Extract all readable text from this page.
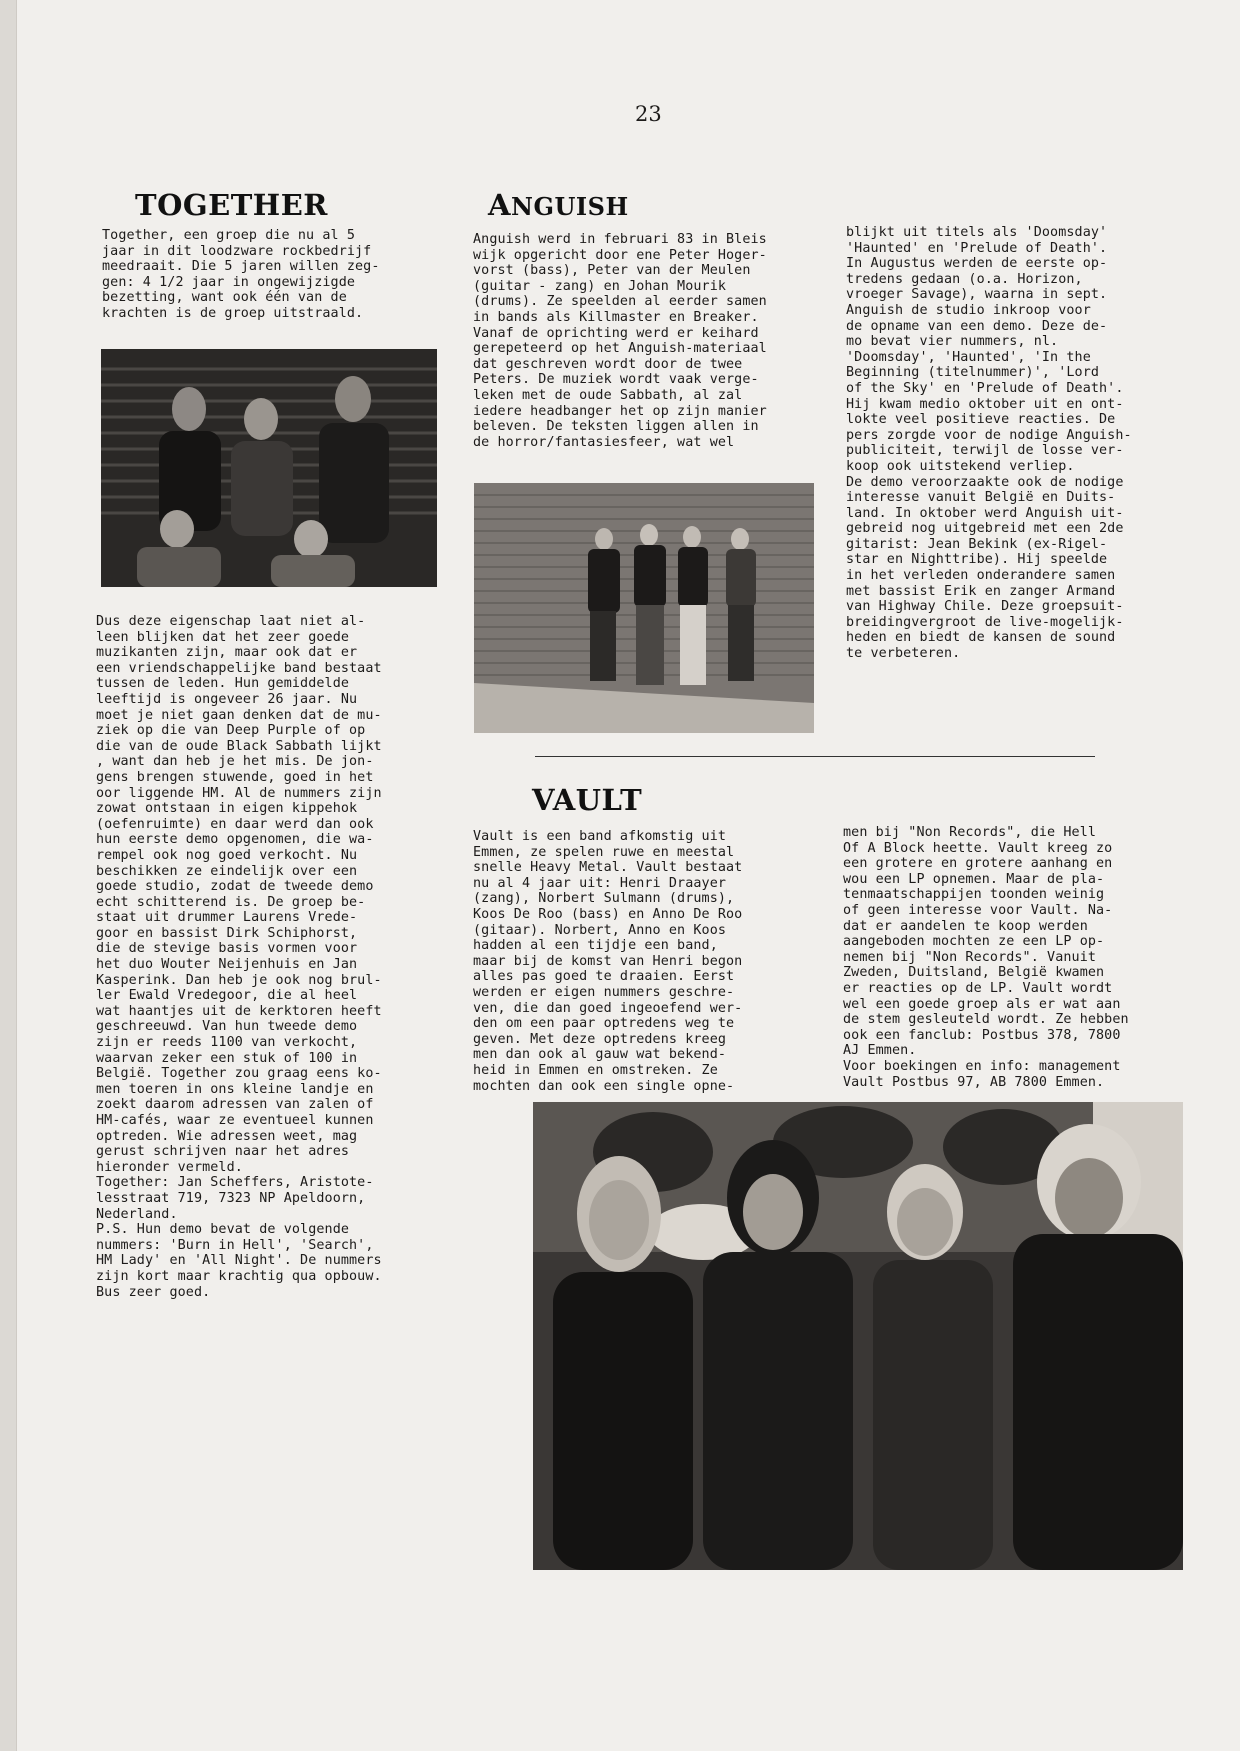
23
TOGETHER
Together, een groep die nu al 5
jaar in dit loodzware rockbedrijf
meedraait. Die 5 jaren willen zeg-
gen: 4 1/2 jaar in ongewijzigde
bezetting, want ook één van de
krachten is de groep uitstraald.
Dus deze eigenschap laat niet al-
leen blijken dat het zeer goede
muzikanten zijn, maar ook dat er
een vriendschappelijke band bestaat
tussen de leden. Hun gemiddelde
leeftijd is ongeveer 26 jaar. Nu
moet je niet gaan denken dat de mu-
ziek op die van Deep Purple of op
die van de oude Black Sabbath lijkt
, want dan heb je het mis. De jon-
gens brengen stuwende, goed in het
oor liggende HM. Al de nummers zijn
zowat ontstaan in eigen kippehok
(oefenruimte) en daar werd dan ook
hun eerste demo opgenomen, die wa-
rempel ook nog goed verkocht. Nu
beschikken ze eindelijk over een
goede studio, zodat de tweede demo
echt schitterend is. De groep be-
staat uit drummer Laurens Vrede-
goor en bassist Dirk Schiphorst,
die de stevige basis vormen voor
het duo Wouter Neijenhuis en Jan
Kasperink. Dan heb je ook nog brul-
ler Ewald Vredegoor, die al heel
wat haantjes uit de kerktoren heeft
geschreeuwd. Van hun tweede demo
zijn er reeds 1100 van verkocht,
waarvan zeker een stuk of 100 in
België. Together zou graag eens ko-
men toeren in ons kleine landje en
zoekt daarom adressen van zalen of
HM-cafés, waar ze eventueel kunnen
optreden. Wie adressen weet, mag
gerust schrijven naar het adres
hieronder vermeld.
Together: Jan Scheffers, Aristote-
lesstraat 719, 7323 NP Apeldoorn,
Nederland.
P.S. Hun demo bevat de volgende
nummers: 'Burn in Hell', 'Search',
HM Lady' en 'All Night'. De nummers
zijn kort maar krachtig qua opbouw.
Bus zeer goed.
ANGUISH
Anguish werd in februari 83 in Bleis
wijk opgericht door ene Peter Hoger-
vorst (bass), Peter van der Meulen
(guitar - zang) en Johan Mourik
(drums). Ze speelden al eerder samen
in bands als Killmaster en Breaker.
Vanaf de oprichting werd er keihard
gerepeteerd op het Anguish-materiaal
dat geschreven wordt door de twee
Peters. De muziek wordt vaak verge-
leken met de oude Sabbath, al zal
iedere headbanger het op zijn manier
beleven. De teksten liggen allen in
de horror/fantasiesfeer, wat wel
blijkt uit titels als 'Doomsday'
'Haunted' en 'Prelude of Death'.
In Augustus werden de eerste op-
tredens gedaan (o.a. Horizon,
vroeger Savage), waarna in sept.
Anguish de studio inkroop voor
de opname van een demo. Deze de-
mo bevat vier nummers, nl.
'Doomsday', 'Haunted', 'In the
Beginning (titelnummer)', 'Lord
of the Sky' en 'Prelude of Death'.
Hij kwam medio oktober uit en ont-
lokte veel positieve reacties. De
pers zorgde voor de nodige Anguish-
publiciteit, terwijl de losse ver-
koop ook uitstekend verliep.
De demo veroorzaakte ook de nodige
interesse vanuit België en Duits-
land. In oktober werd Anguish uit-
gebreid nog uitgebreid met een 2de
gitarist: Jean Bekink (ex-Rigel-
star en Nighttribe). Hij speelde
in het verleden onderandere samen
met bassist Erik en zanger Armand
van Highway Chile. Deze groepsuit-
breidingvergroot de live-mogelijk-
heden en biedt de kansen de sound
te verbeteren.
VAULT
Vault is een band afkomstig uit
Emmen, ze spelen ruwe en meestal
snelle Heavy Metal. Vault bestaat
nu al 4 jaar uit: Henri Draayer
(zang), Norbert Sulmann (drums),
Koos De Roo (bass) en Anno De Roo
(gitaar). Norbert, Anno en Koos
hadden al een tijdje een band,
maar bij de komst van Henri begon
alles pas goed te draaien. Eerst
werden er eigen nummers geschre-
ven, die dan goed ingeoefend wer-
den om een paar optredens weg te
geven. Met deze optredens kreeg
men dan ook al gauw wat bekend-
heid in Emmen en omstreken. Ze
mochten dan ook een single opne-
men bij "Non Records", die Hell
Of A Block heette. Vault kreeg zo
een grotere en grotere aanhang en
wou een LP opnemen. Maar de pla-
tenmaatschappijen toonden weinig
of geen interesse voor Vault. Na-
dat er aandelen te koop werden
aangeboden mochten ze een LP op-
nemen bij "Non Records". Vanuit
Zweden, Duitsland, België kwamen
er reacties op de LP. Vault wordt
wel een goede groep als er wat aan
de stem gesleuteld wordt. Ze hebben
ook een fanclub: Postbus 378, 7800
AJ Emmen.
Voor boekingen en info: management
Vault Postbus 97, AB 7800 Emmen.
